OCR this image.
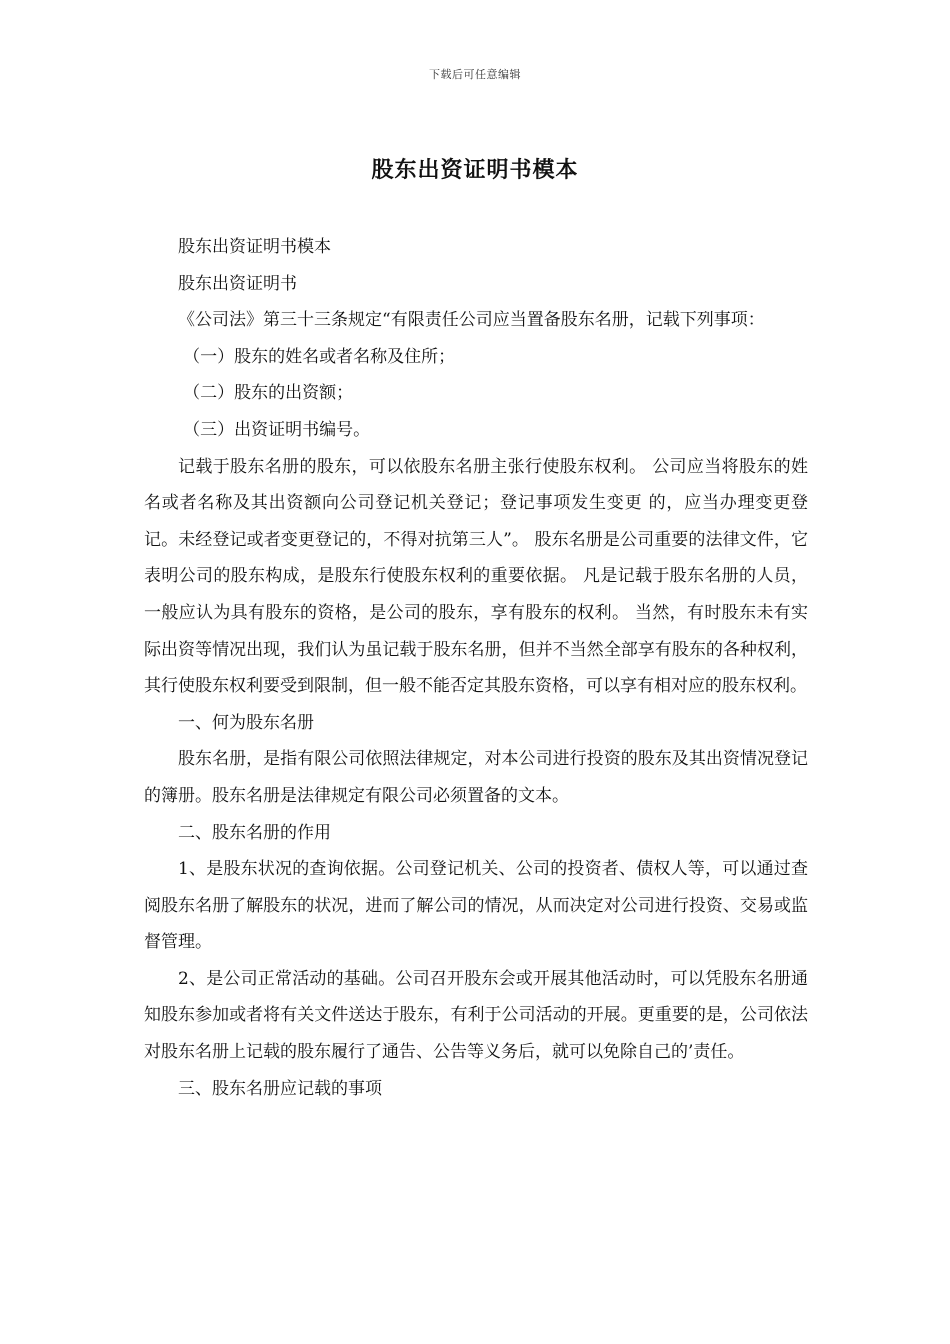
下载后可任意编辑
股东出资证明书模本

股东出资证明书模本

股东出资证明书

《公司法》第三十三条规定“有限责任公司应当置备股东名册，记载下列事项：

（一）股东的姓名或者名称及住所；

（二）股东的出资额；

（三）出资证明书编号。

记载于股东名册的股东，可以依股东名册主张行使股东权利。 公司应当将股东的姓名或者名称及其出资额向公司登记机关登记；登记事项发生变更 的，应当办理变更登记。未经登记或者变更登记的，不得对抗第三人”。 股东名册是公司重要的法律文件，它表明公司的股东构成，是股东行使股东权利的重要依据。 凡是记载于股东名册的人员，一般应认为具有股东的资格，是公司的股东，享有股东的权利。 当然，有时股东未有实际出资等情况出现，我们认为虽记载于股东名册，但并不当然全部享有股东的各种权利，其行使股东权利要受到限制，但一般不能否定其股东资格，可以享有相对应的股东权利。

一、何为股东名册

股东名册，是指有限公司依照法律规定，对本公司进行投资的股东及其出资情况登记的簿册。股东名册是法律规定有限公司必须置备的文本。

二、股东名册的作用

1、是股东状况的查询依据。公司登记机关、公司的投资者、债权人等，可以通过查阅股东名册了解股东的状况，进而了解公司的情况，从而决定对公司进行投资、交易或监督管理。

2、是公司正常活动的基础。公司召开股东会或开展其他活动时，可以凭股东名册通知股东参加或者将有关文件送达于股东，有利于公司活动的开展。更重要的是，公司依法对股东名册上记载的股东履行了通告、公告等义务后，就可以免除自己的’责任。

三、股东名册应记载的事项
